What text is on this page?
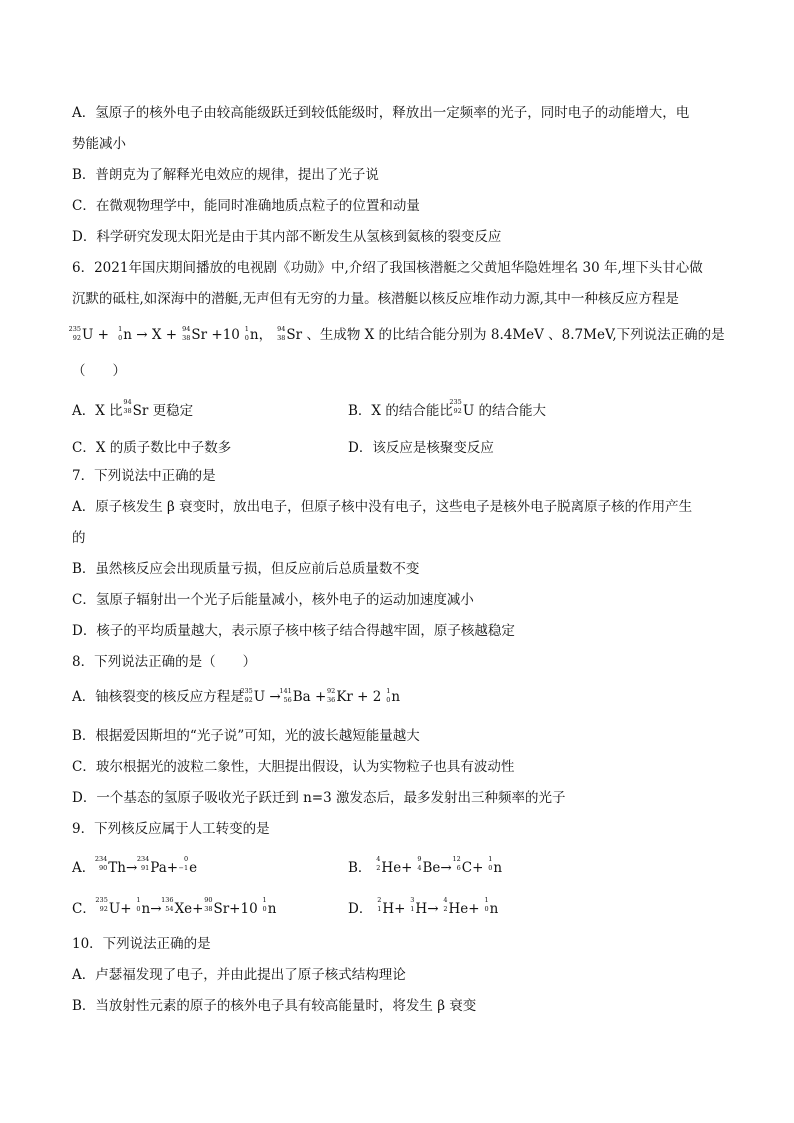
A．氢原子的核外电子由较高能级跃迁到较低能级时，释放出一定频率的光子，同时电子的动能增大，电
势能减小
B．普朗克为了解释光电效应的规律，提出了光子说
C．在微观物理学中，能同时准确地质点粒子的位置和动量
D．科学研究发现太阳光是由于其内部不断发生从氢核到氦核的裂变反应
6．2021年国庆期间播放的电视剧《功勋》中,介绍了我国核潜艇之父黄旭华隐姓埋名 30 年,埋下头甘心做
沉默的砥柱,如深海中的潜艇,无声但有无穷的力量。核潜艇以核反应堆作动力源,其中一种核反应方程是
235
92 U + 1
0 n → X + 94
38 Sr +10 1
0 n， 94
38 Sr 、生成物 X 的比结合能分别为 8.4MeV 、8.7MeV,下列说法正确的是
（　　）
A．X 比
94
38 Sr 更稳定	B．X 的结合能比
235
92 U 的结合能大
C．X 的质子数比中子数多	D．该反应是核聚变反应
7．下列说法中正确的是
A．原子核发生 β 衰变时，放出电子，但原子核中没有电子，这些电子是核外电子脱离原子核的作用产生
的
B．虽然核反应会出现质量亏损，但反应前后总质量数不变
C．氢原子辐射出一个光子后能量减小，核外电子的运动加速度减小
D．核子的平均质量越大，表示原子核中核子结合得越牢固，原子核越稳定
8．下列说法正确的是（　　）
A．铀核裂变的核反应方程是
235
92 U →
141
56 Ba + 92
36 Kr + 2 1
0 n
B．根据爱因斯坦的“光子说”可知，光的波长越短能量越大
C．玻尔根据光的波粒二象性，大胆提出假设，认为实物粒子也具有波动性
D．一个基态的氢原子吸收光子跃迁到 n=3 激发态后，最多发射出三种频率的光子
9．下列核反应属于人工转变的是
A．
234
90 Th→
234
91 Pa+
0
−1 e	B．
4
2 He+
9
4 Be→
12
6 C+
1
0 n
C．
235
92 U+
1
0 n→
136
54 Xe+
90
38 Sr+10
1
0 n	D．
2
1 H+
3
1 H→
4
2 He+
1
0 n
10．下列说法正确的是
A．卢瑟福发现了电子，并由此提出了原子核式结构理论
B．当放射性元素的原子的核外电子具有较高能量时，将发生 β 衰变
